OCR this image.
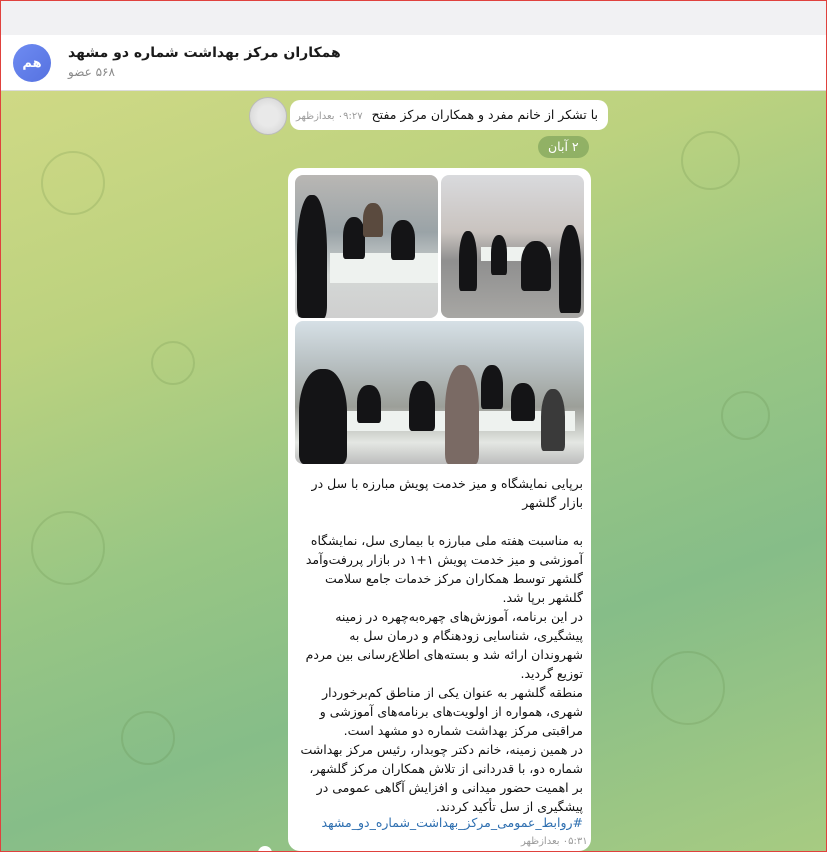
هم
همکاران مرکز بهداشت شماره دو مشهد
۵۶۸ عضو
با تشکر از خانم مفرد و همکاران مرکز مفتح
۰۹:۲۷ بعدازظهر
۲ آبان
برپایی نمایشگاه و میز خدمت پویش مبارزه با سل در بازار گلشهر

به مناسبت هفته ملی مبارزه با بیماری سل، نمایشگاه آموزشی و میز خدمت پویش ۱+۱ در بازار پررفت‌وآمد گلشهر توسط همکاران مرکز خدمات جامع سلامت گلشهر برپا شد.
در این برنامه، آموزش‌های چهره‌به‌چهره در زمینه پیشگیری، شناسایی زودهنگام و درمان سل به شهروندان ارائه شد و بسته‌های اطلاع‌رسانی بین مردم توزیع گردید.
منطقه گلشهر به عنوان یکی از مناطق کم‌برخوردار شهری، همواره از اولویت‌های برنامه‌های آموزشی و مراقبتی مرکز بهداشت شماره دو مشهد است.
در همین زمینه، خانم دکتر چوبدار، رئیس مرکز بهداشت شماره دو، با قدردانی از تلاش همکاران مرکز گلشهر، بر اهمیت حضور میدانی و افزایش آگاهی عمومی در پیشگیری از سل تأکید کردند.
#روابط_عمومی_مرکز_بهداشت_شماره_دو_مشهد
۰۵:۳۱ بعدازظهر
